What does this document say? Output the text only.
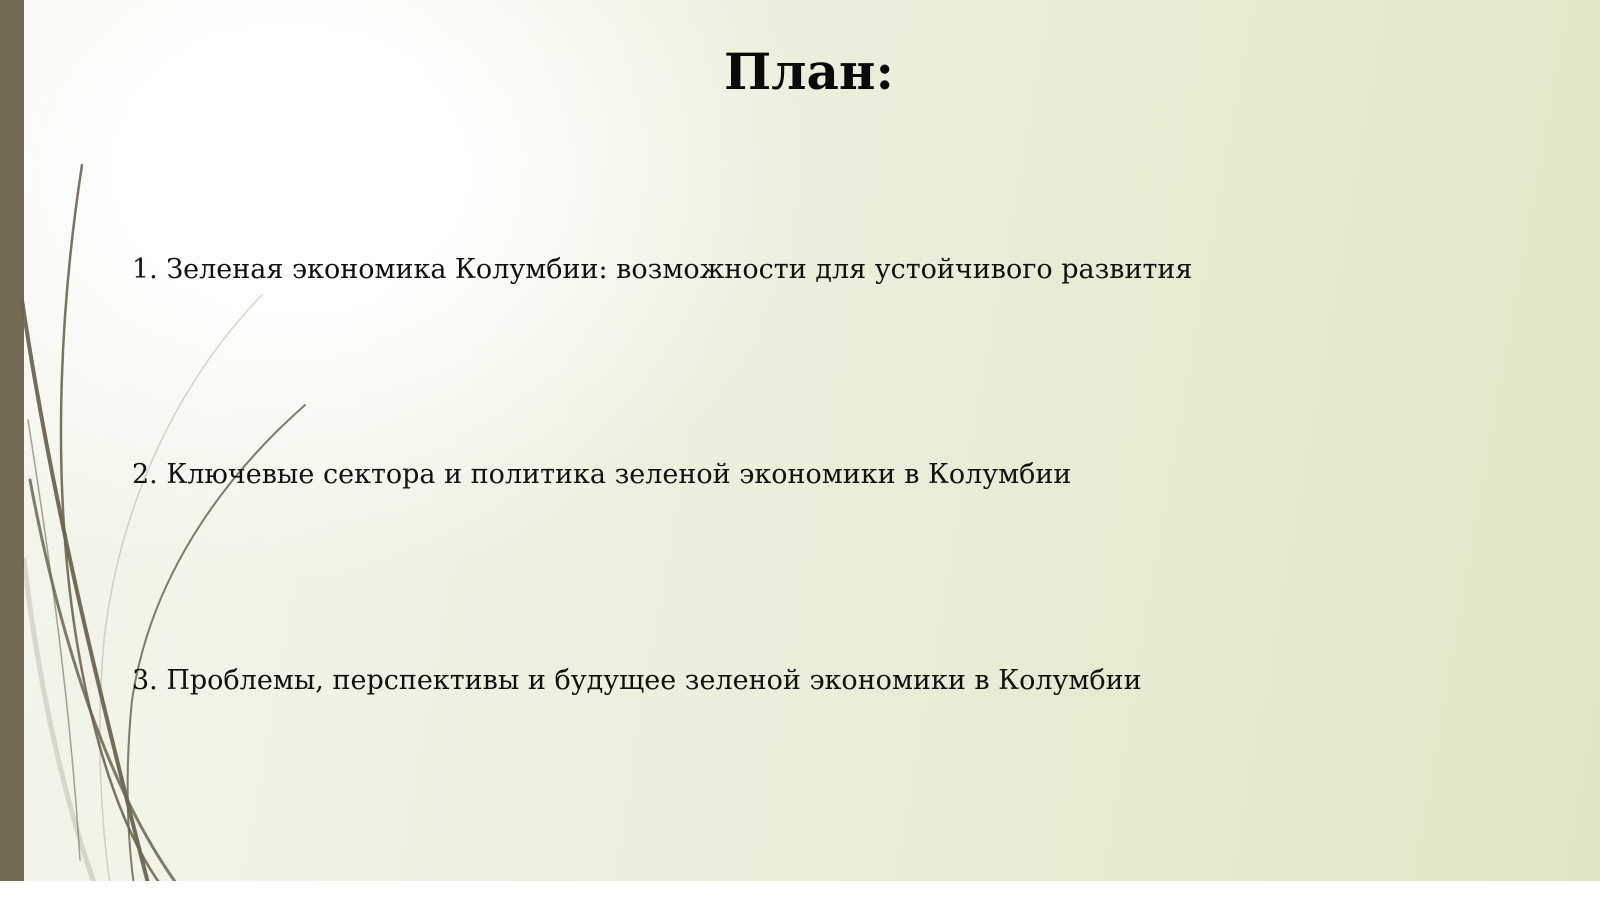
План:
1. Зеленая экономика Колумбии: возможности для устойчивого развития
2. Ключевые сектора и политика зеленой экономики в Колумбии
3. Проблемы, перспективы и будущее зеленой экономики в Колумбии
